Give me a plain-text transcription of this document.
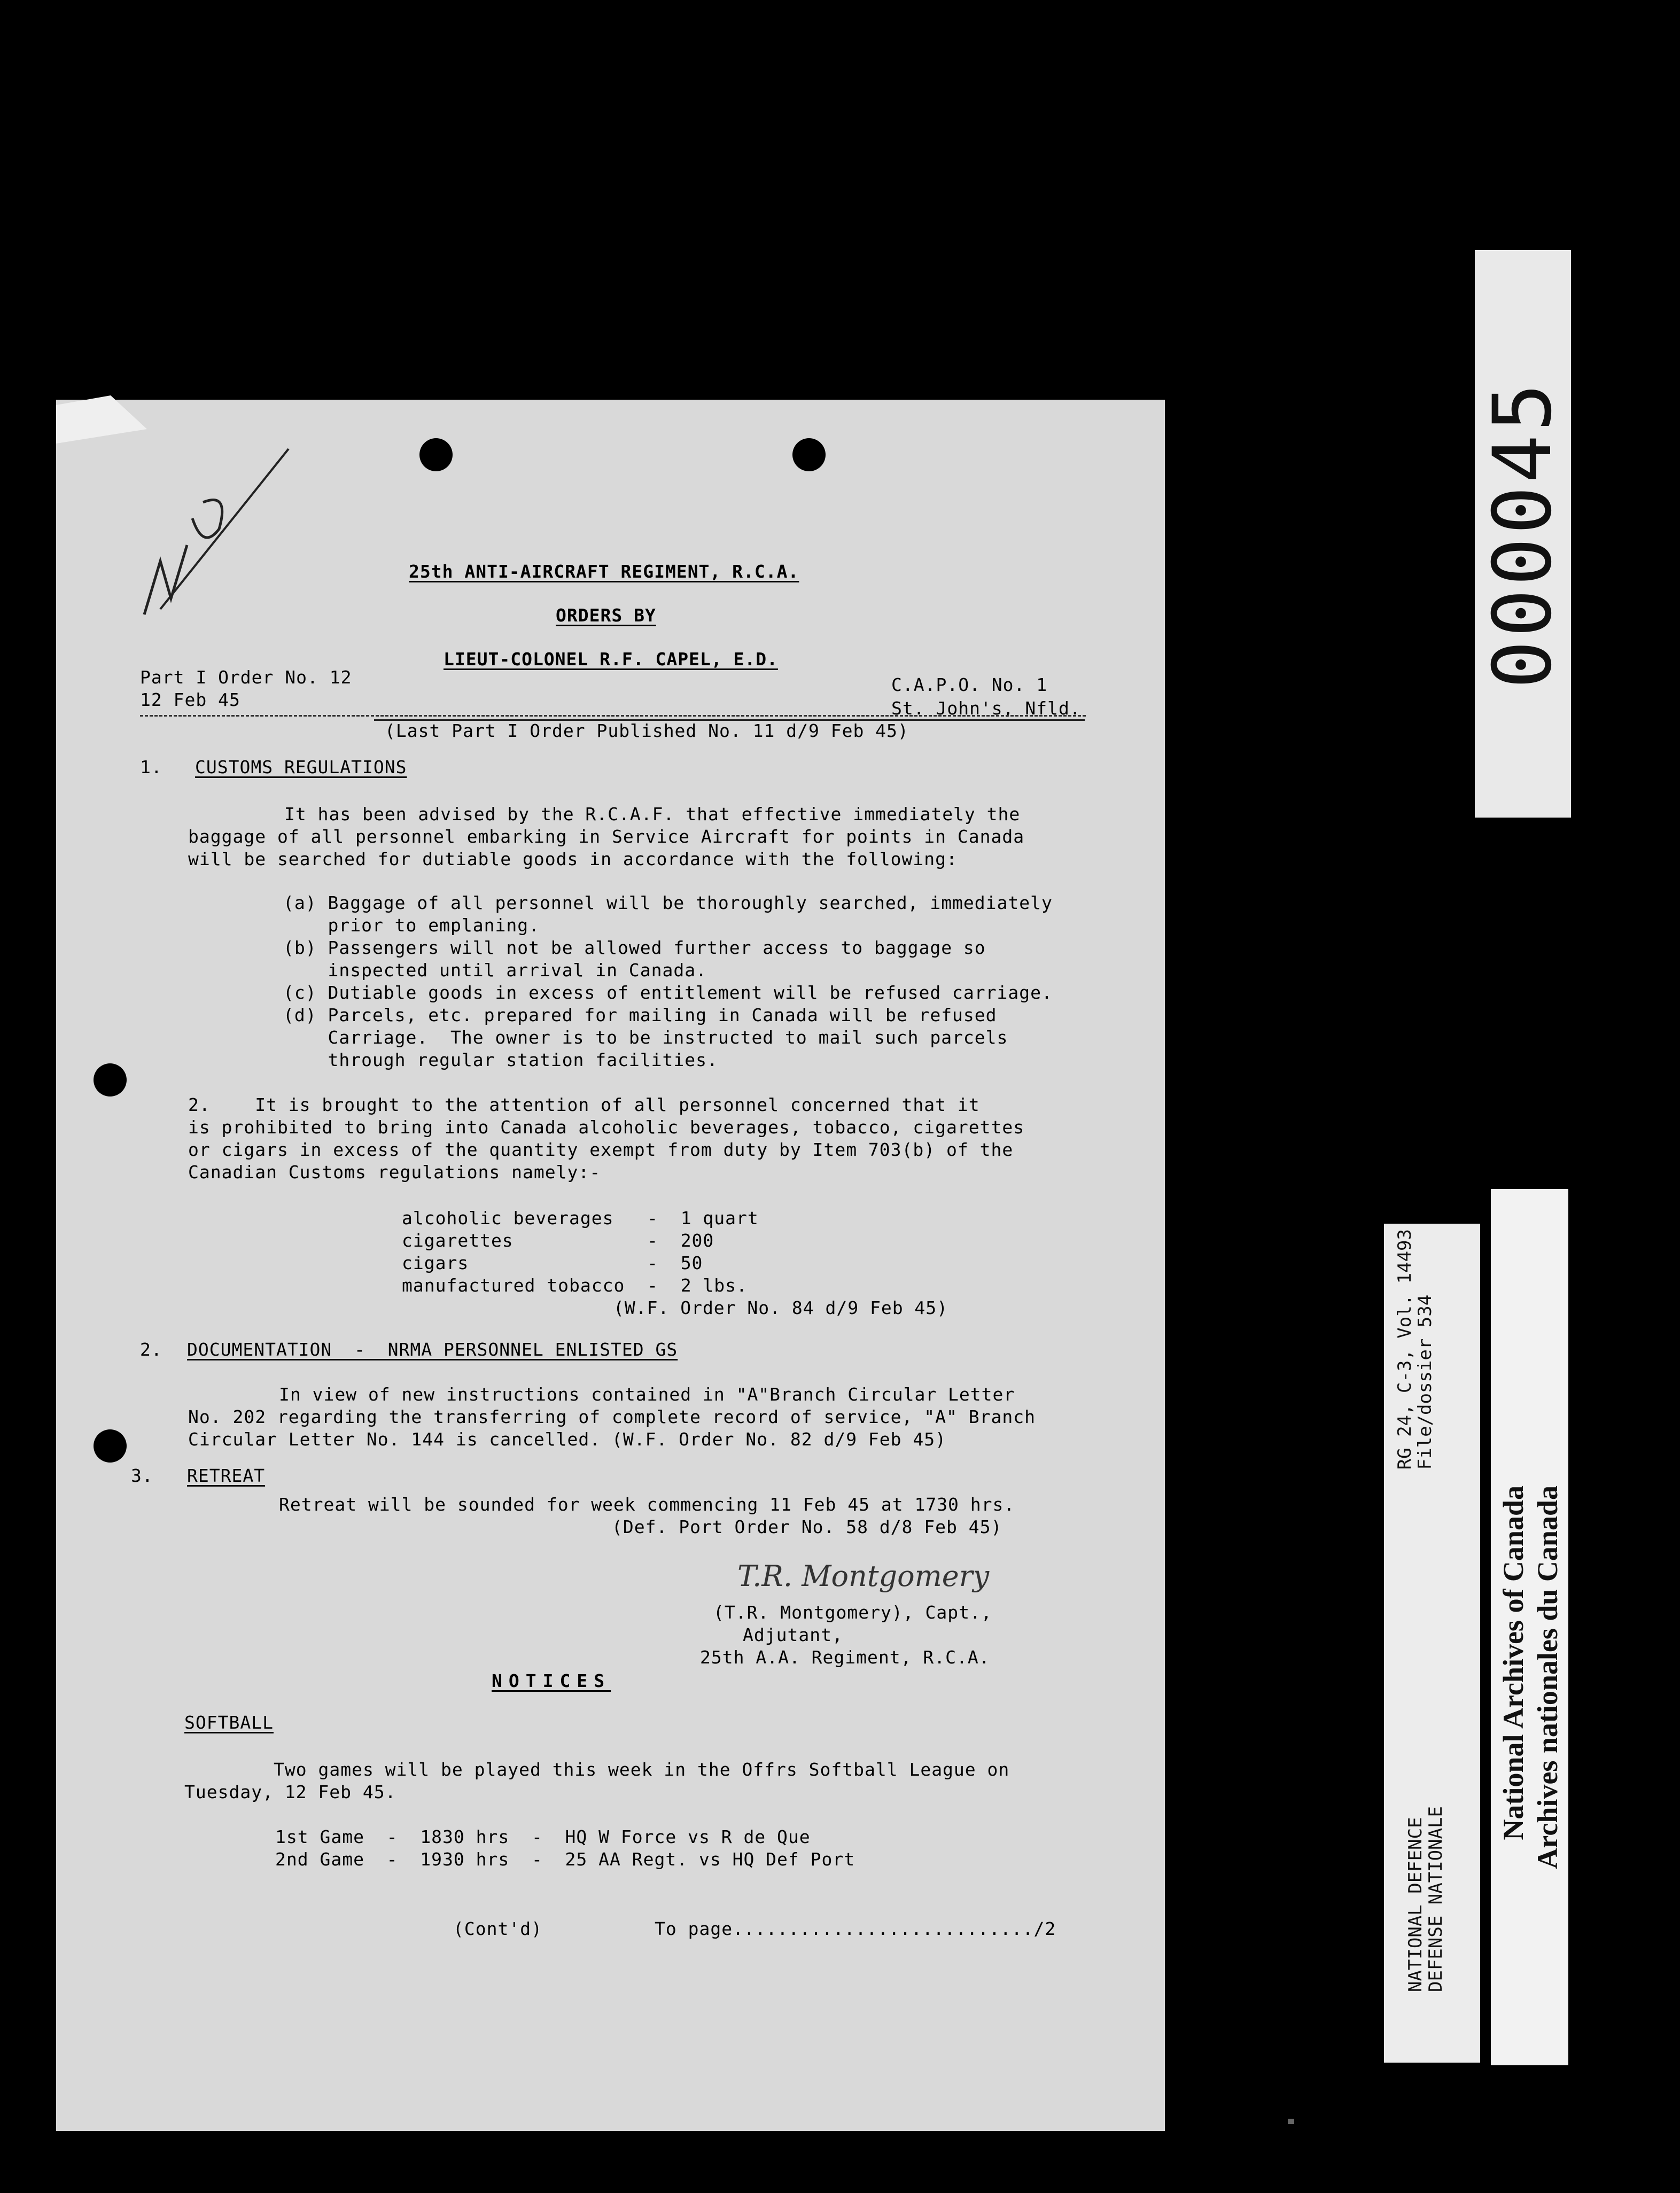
25th ANTI-AIRCRAFT REGIMENT, R.C.A.
ORDERS BY
LIEUT-COLONEL R.F. CAPEL, E.D.
Part I Order No. 12
12 Feb 45
C.A.P.O. No. 1
St. John's, Nfld.
(Last Part I Order Published No. 11 d/9 Feb 45)
1. CUSTOMS REGULATIONS
It has been advised by the R.C.A.F. that effective immediately the
baggage of all personnel embarking in Service Aircraft for points in Canada
will be searched for dutiable goods in accordance with the following:
(a) Baggage of all personnel will be thoroughly searched, immediately
prior to emplaning.
(b) Passengers will not be allowed further access to baggage so
inspected until arrival in Canada.
(c) Dutiable goods in excess of entitlement will be refused carriage.
(d) Parcels, etc. prepared for mailing in Canada will be refused
Carriage.  The owner is to be instructed to mail such parcels
through regular station facilities.
2.    It is brought to the attention of all personnel concerned that it
is prohibited to bring into Canada alcoholic beverages, tobacco, cigarettes
or cigars in excess of the quantity exempt from duty by Item 703(b) of the
Canadian Customs regulations namely:-
alcoholic beverages   -  1 quart
cigarettes            -  200
cigars                -  50
manufactured tobacco  -  2 lbs.
(W.F. Order No. 84 d/9 Feb 45)
2. DOCUMENTATION  -  NRMA PERSONNEL ENLISTED GS
In view of new instructions contained in "A"Branch Circular Letter
No. 202 regarding the transferring of complete record of service, "A" Branch
Circular Letter No. 144 is cancelled. (W.F. Order No. 82 d/9 Feb 45)
3. RETREAT
Retreat will be sounded for week commencing 11 Feb 45 at 1730 hrs.
(Def. Port Order No. 58 d/8 Feb 45)
T.R. Montgomery
(T.R. Montgomery), Capt.,
Adjutant,
25th A.A. Regiment, R.C.A.
NOTICES
SOFTBALL
Two games will be played this week in the Offrs Softball League on
Tuesday, 12 Feb 45.
1st Game  -  1830 hrs  -  HQ W Force vs R de Que
2nd Game  -  1930 hrs  -  25 AA Regt. vs HQ Def Port
(Cont'd)	To page.........................../2
000045
RG 24, C-3, Vol. 14493
File/dossier 534
NATIONAL DEFENCE
DEFENSE NATIONALE
National Archives of Canada Archives nationales du Canada
